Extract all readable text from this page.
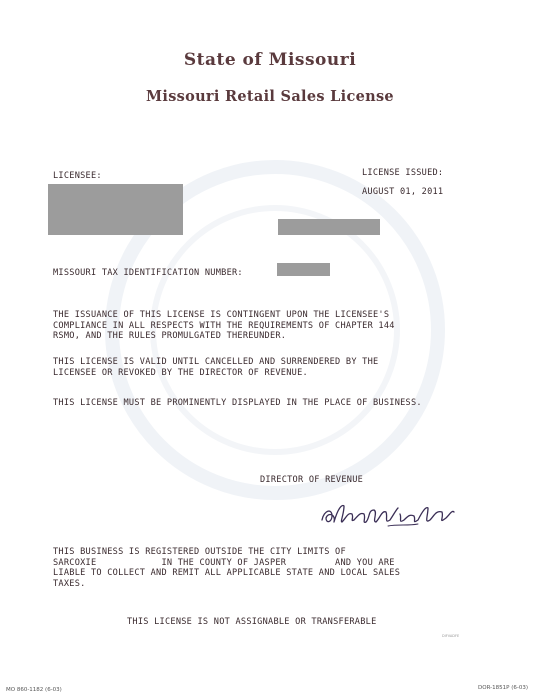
State of Missouri
Missouri Retail Sales License
LICENSEE:	LICENSE ISSUED:
AUGUST 01, 2011
MISSOURI TAX IDENTIFICATION NUMBER:
THE ISSUANCE OF THIS LICENSE IS CONTINGENT UPON THE LICENSEE'S
COMPLIANCE IN ALL RESPECTS WITH THE REQUIREMENTS OF CHAPTER 144
RSMO, AND THE RULES PROMULGATED THEREUNDER.
THIS LICENSE IS VALID UNTIL CANCELLED AND SURRENDERED BY THE
LICENSEE OR REVOKED BY THE DIRECTOR OF REVENUE.
THIS LICENSE MUST BE PROMINENTLY DISPLAYED IN THE PLACE OF BUSINESS.
DIRECTOR OF REVENUE
THIS BUSINESS IS REGISTERED OUTSIDE THE CITY LIMITS OF
SARCOXIE            IN THE COUNTY OF JASPER         AND YOU ARE
LIABLE TO COLLECT AND REMIT ALL APPLICABLE STATE AND LOCAL SALES
TAXES.
THIS LICENSE IS NOT ASSIGNABLE OR TRANSFERABLE
DIFVADFE
MO 860-1182 (6-03)	DOR-1851P (6-03)
